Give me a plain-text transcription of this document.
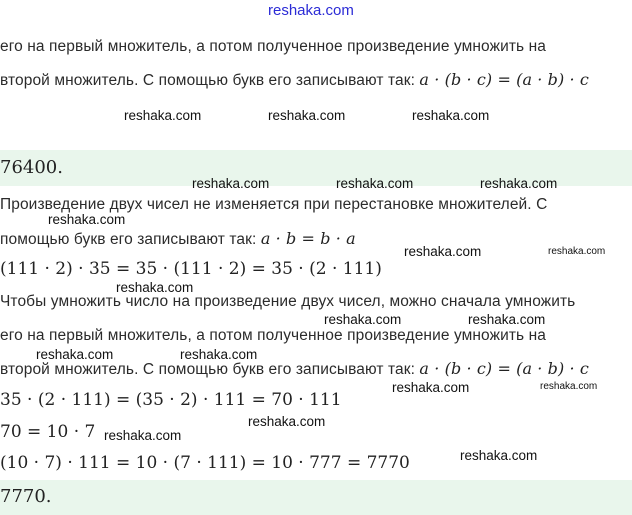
reshaka.com
его на первый множитель, а потом полученное произведение умножить на
второй множитель. С помощью букв его записывают так: a · (b · c) = (a · b) · c
reshaka.com	reshaka.com	reshaka.com
76400.
reshaka.com	reshaka.com	reshaka.com
Произведение двух чисел не изменяется при перестановке множителей. С
reshaka.com
помощью букв его записывают так: a · b = b · a
reshaka.com	reshaka.com
(111 · 2) · 35 = 35 · (111 · 2) = 35 · (2 · 111)
reshaka.com
Чтобы умножить число на произведение двух чисел, можно сначала умножить
reshaka.com	reshaka.com
его на первый множитель, а потом полученное произведение умножить на
reshaka.com	reshaka.com
второй множитель. С помощью букв его записывают так: a · (b · c) = (a · b) · c
reshaka.com	reshaka.com
35 · (2 · 111) = (35 · 2) · 111 = 70 · 111
reshaka.com
70 = 10 · 7 reshaka.com
reshaka.com
(10 · 7) · 111 = 10 · (7 · 111) = 10 · 777 = 7770
7770.
